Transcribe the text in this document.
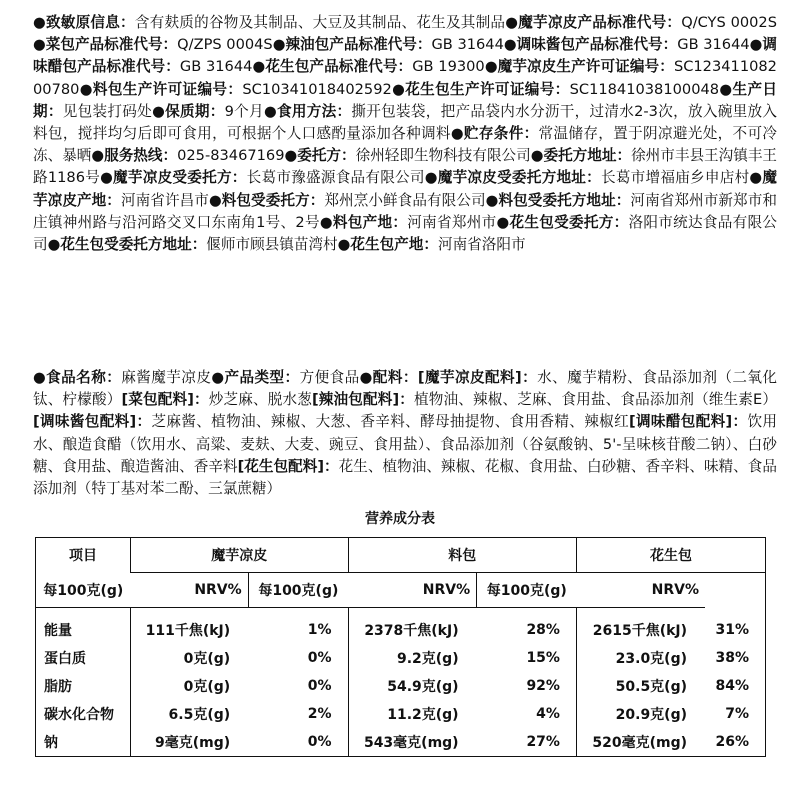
●致敏原信息：含有麸质的谷物及其制品、大豆及其制品、花生及其制品●魔芋凉皮产品标准代号：Q/CYS 0002S●菜包产品标准代号：Q/ZPS 0004S●辣油包产品标准代号：GB 31644●调味酱包产品标准代号：GB 31644●调味醋包产品标准代号：GB 31644●花生包产品标准代号：GB 19300●魔芋凉皮生产许可证编号：SC12341108200780●料包生产许可证编号：SC10341018402592●花生包生产许可证编号：SC11841038100048●生产日期：见包装打码处●保质期：9个月●食用方法：撕开包装袋，把产品袋内水分沥干，过清水2-3次，放入碗里放入料包，搅拌均匀后即可食用，可根据个人口感酌量添加各种调料●贮存条件：常温储存，置于阴凉避光处，不可冷冻、暴晒●服务热线：025-83467169●委托方：徐州轻即生物科技有限公司●委托方地址：徐州市丰县王沟镇丰王路1186号●魔芋凉皮受委托方：长葛市豫盛源食品有限公司●魔芋凉皮受委托方地址：长葛市增福庙乡申店村●魔芋凉皮产地：河南省许昌市●料包受委托方：郑州烹小鲜食品有限公司●料包受委托方地址：河南省郑州市新郑市和庄镇神州路与沿河路交叉口东南角1号、2号●料包产地：河南省郑州市●花生包受委托方：洛阳市统达食品有限公司●花生包受委托方地址：偃师市顾县镇苗湾村●花生包产地：河南省洛阳市
●食品名称：麻酱魔芋凉皮●产品类型：方便食品●配料：[魔芋凉皮配料]：水、魔芋精粉、食品添加剂（二氧化钛、柠檬酸）[菜包配料]：炒芝麻、脱水葱[辣油包配料]：植物油、辣椒、芝麻、食用盐、食品添加剂（维生素E）[调味酱包配料]：芝麻酱、植物油、辣椒、大葱、香辛料、酵母抽提物、食用香精、辣椒红[调味醋包配料]：饮用水、酿造食醋（饮用水、高粱、麦麸、大麦、豌豆、食用盐）、食品添加剂（谷氨酸钠、5'-呈味核苷酸二钠）、白砂糖、食用盐、酿造酱油、香辛料[花生包配料]：花生、植物油、辣椒、花椒、食用盐、白砂糖、香辛料、味精、食品添加剂（特丁基对苯二酚、三氯蔗糖）
营养成分表
项目	魔芋凉皮		料包		花生包	
每100克(g)	NRV%	每100克(g)	NRV%	每100克(g)	NRV%	

能量	111千焦(kJ)	1%	2378千焦(kJ)	28%	2615千焦(kJ)	31%
蛋白质	0克(g)	0%	9.2克(g)	15%	23.0克(g)	38%
脂肪	0克(g)	0%	54.9克(g)	92%	50.5克(g)	84%
碳水化合物	6.5克(g)	2%	11.2克(g)	4%	20.9克(g)	7%
钠	9毫克(mg)	0%	543毫克(mg)	27%	520毫克(mg)	26%
